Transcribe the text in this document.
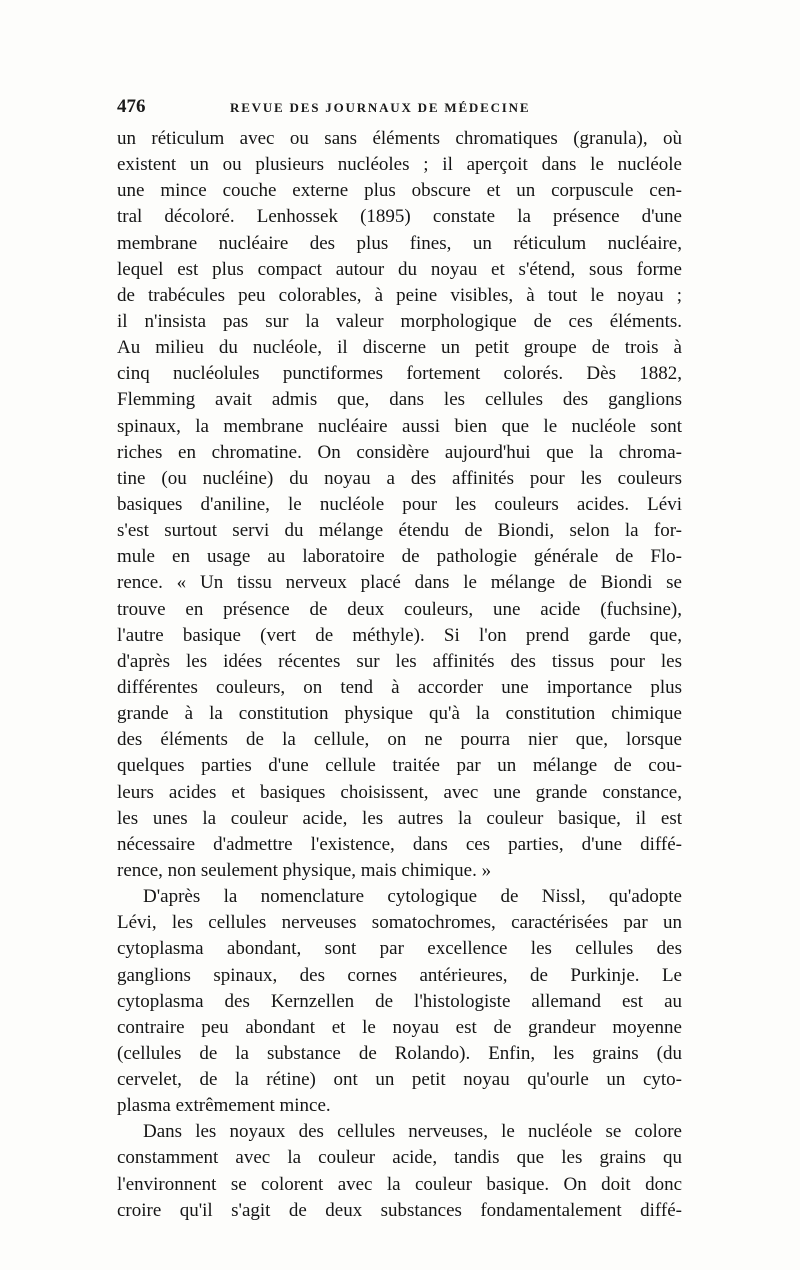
476	REVUE DES JOURNAUX DE MÉDECINE
un réticulum avec ou sans éléments chromatiques (granula), où
existent un ou plusieurs nucléoles ; il aperçoit dans le nucléole
une mince couche externe plus obscure et un corpuscule cen-
tral décoloré. Lenhossek (1895) constate la présence d'une
membrane nucléaire des plus fines, un réticulum nucléaire,
lequel est plus compact autour du noyau et s'étend, sous forme
de trabécules peu colorables, à peine visibles, à tout le noyau ;
il n'insista pas sur la valeur morphologique de ces éléments.
Au milieu du nucléole, il discerne un petit groupe de trois à
cinq nucléolules punctiformes fortement colorés. Dès 1882,
Flemming avait admis que, dans les cellules des ganglions
spinaux, la membrane nucléaire aussi bien que le nucléole sont
riches en chromatine. On considère aujourd'hui que la chroma-
tine (ou nucléine) du noyau a des affinités pour les couleurs
basiques d'aniline, le nucléole pour les couleurs acides. Lévi
s'est surtout servi du mélange étendu de Biondi, selon la for-
mule en usage au laboratoire de pathologie générale de Flo-
rence. « Un tissu nerveux placé dans le mélange de Biondi se
trouve en présence de deux couleurs, une acide (fuchsine),
l'autre basique (vert de méthyle). Si l'on prend garde que,
d'après les idées récentes sur les affinités des tissus pour les
différentes couleurs, on tend à accorder une importance plus
grande à la constitution physique qu'à la constitution chimique
des éléments de la cellule, on ne pourra nier que, lorsque
quelques parties d'une cellule traitée par un mélange de cou-
leurs acides et basiques choisissent, avec une grande constance,
les unes la couleur acide, les autres la couleur basique, il est
nécessaire d'admettre l'existence, dans ces parties, d'une diffé-
rence, non seulement physique, mais chimique. »
D'après la nomenclature cytologique de Nissl, qu'adopte
Lévi, les cellules nerveuses somatochromes, caractérisées par un
cytoplasma abondant, sont par excellence les cellules des
ganglions spinaux, des cornes antérieures, de Purkinje. Le
cytoplasma des Kernzellen de l'histologiste allemand est au
contraire peu abondant et le noyau est de grandeur moyenne
(cellules de la substance de Rolando). Enfin, les grains (du
cervelet, de la rétine) ont un petit noyau qu'ourle un cyto-
plasma extrêmement mince.
Dans les noyaux des cellules nerveuses, le nucléole se colore
constamment avec la couleur acide, tandis que les grains qu
l'environnent se colorent avec la couleur basique. On doit donc
croire qu'il s'agit de deux substances fondamentalement diffé-
